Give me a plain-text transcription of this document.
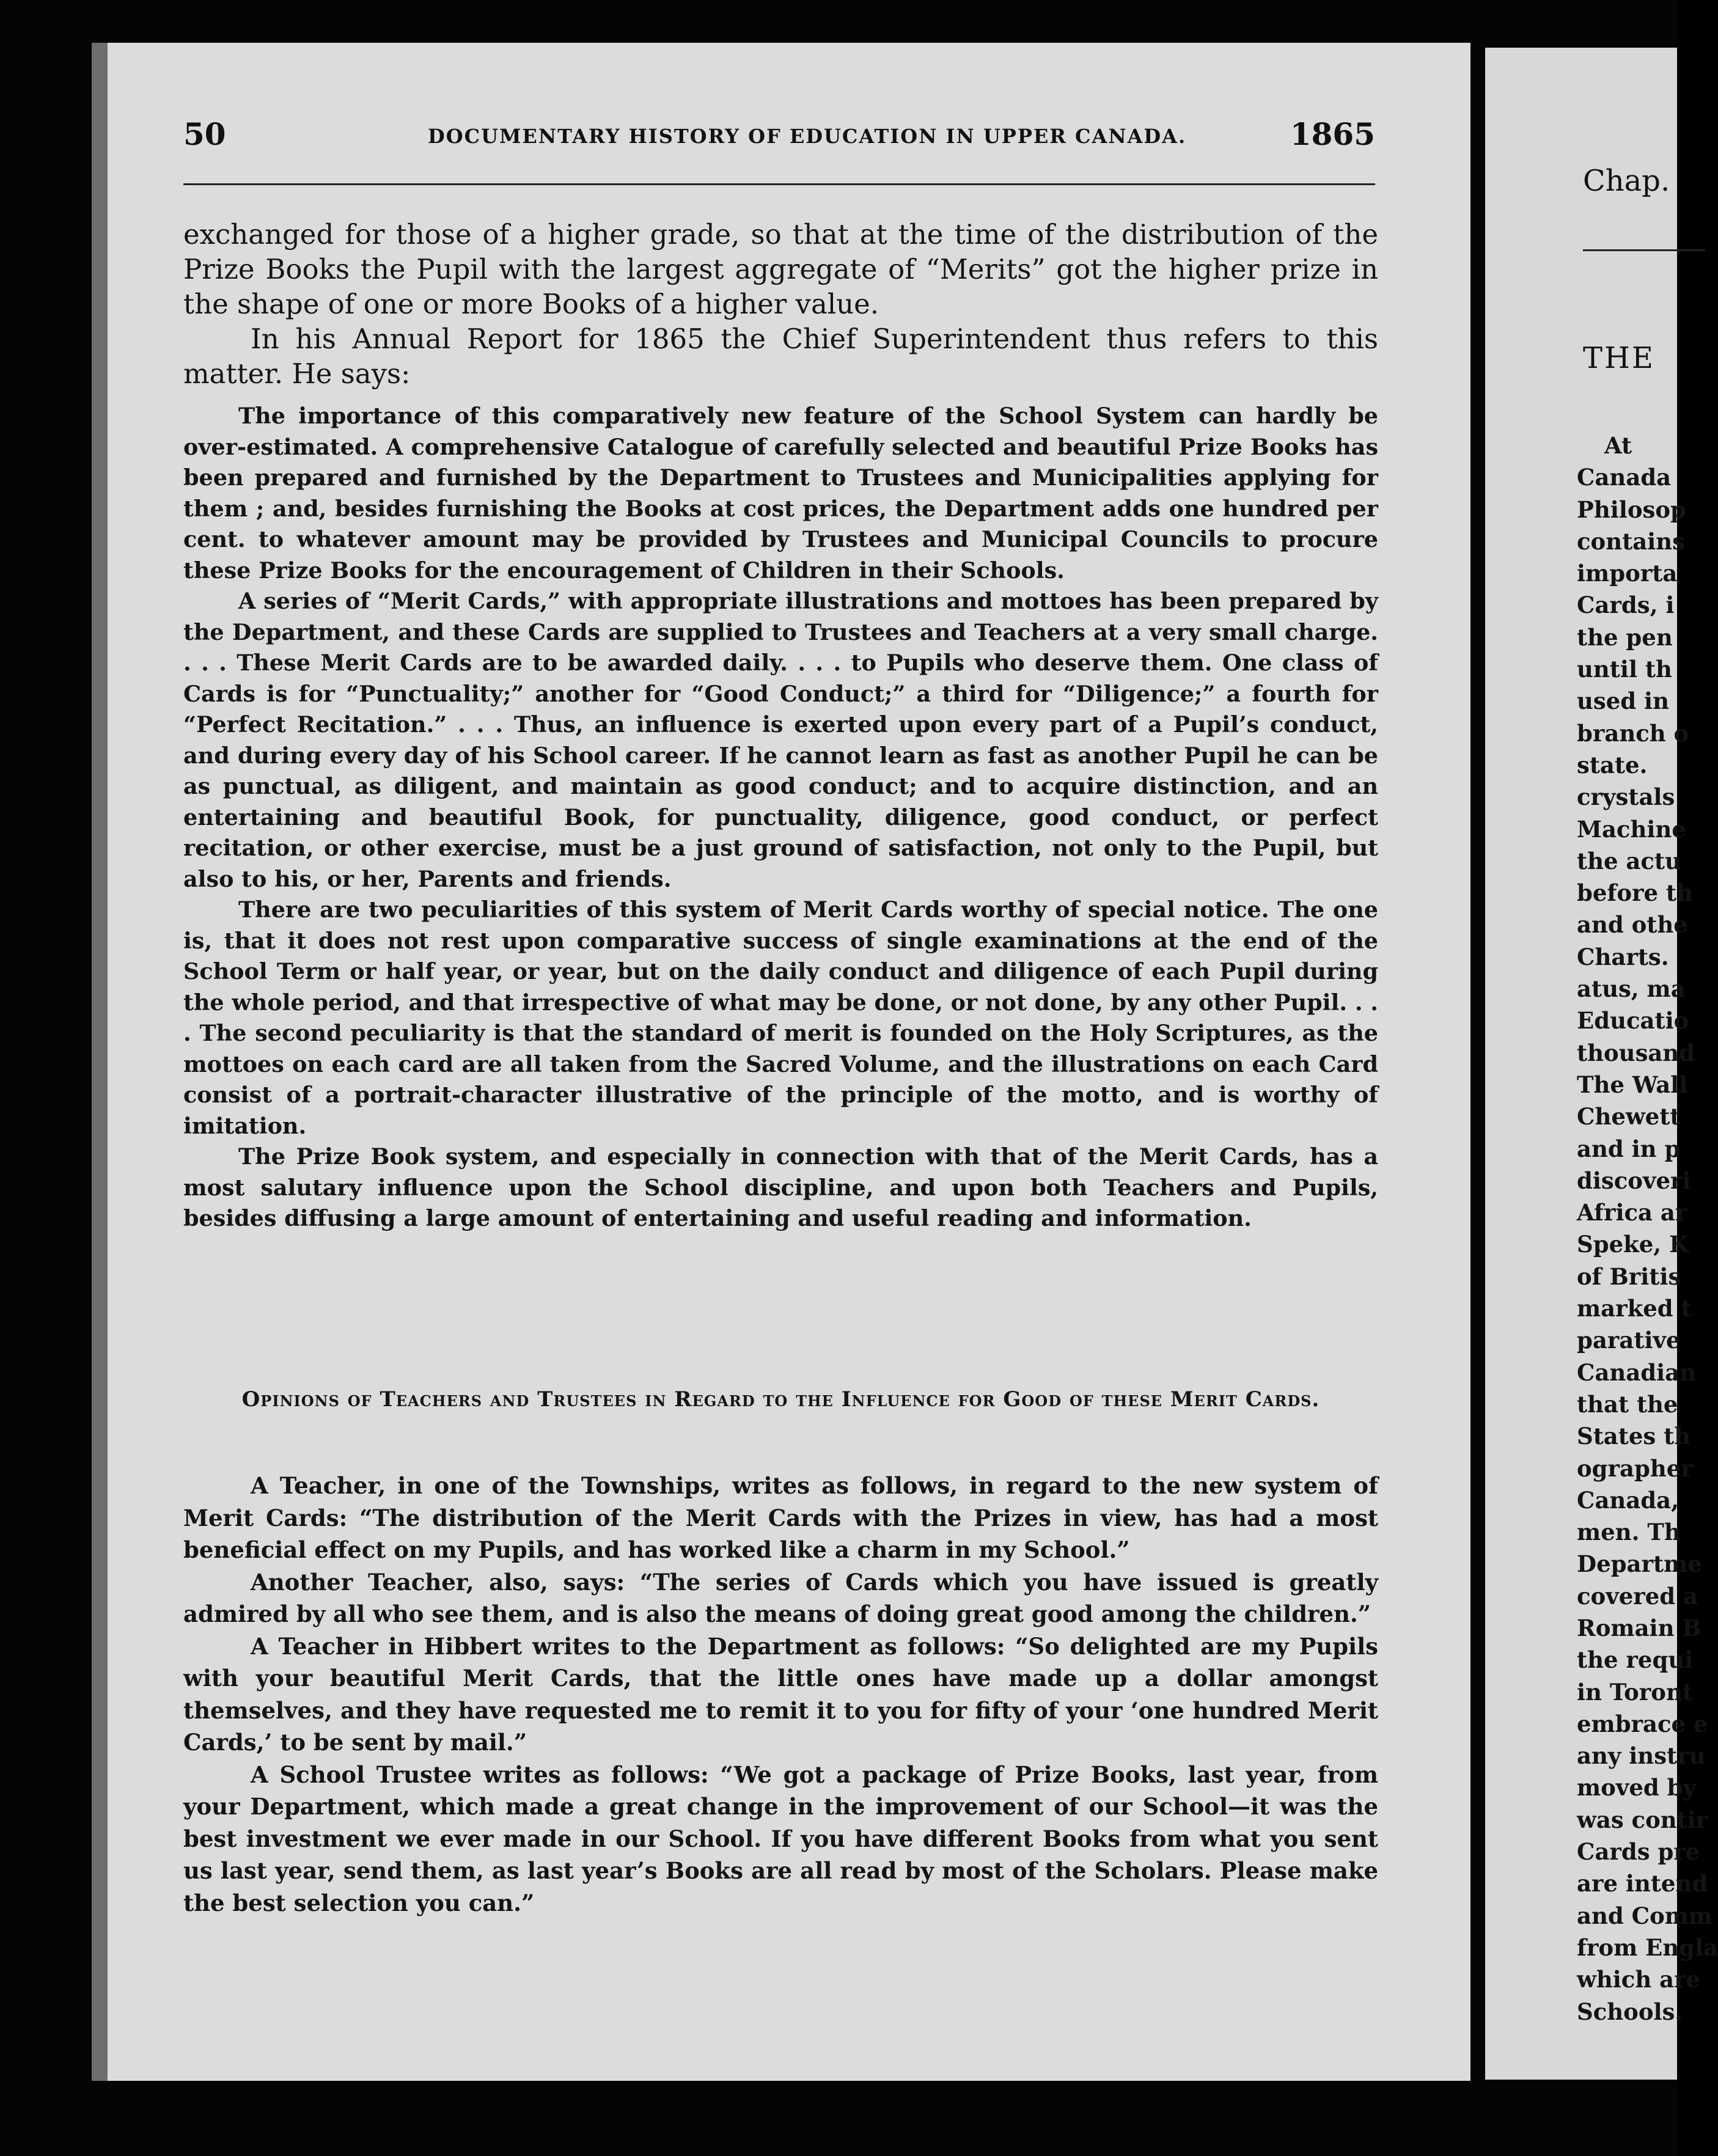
50	DOCUMENTARY HISTORY OF EDUCATION IN UPPER CANADA.	1865

exchanged for those of a higher grade, so that at the time of the distribution of the Prize Books the Pupil with the largest aggregate of “Merits” got the higher prize in the shape of one or more Books of a higher value.

In his Annual Report for 1865 the Chief Superintendent thus refers to this matter. He says:

The importance of this comparatively new feature of the School System can hardly be over-estimated. A comprehensive Catalogue of carefully selected and beautiful Prize Books has been prepared and furnished by the Department to Trustees and Municipalities applying for them ; and, besides furnishing the Books at cost prices, the Department adds one hundred per cent. to whatever amount may be provided by Trustees and Municipal Councils to procure these Prize Books for the encouragement of Children in their Schools.

A series of “Merit Cards,” with appropriate illustrations and mottoes has been prepared by the Department, and these Cards are supplied to Trustees and Teachers at a very small charge. . . . These Merit Cards are to be awarded daily. . . . to Pupils who deserve them. One class of Cards is for “Punctuality;” another for “Good Conduct;” a third for “Diligence;” a fourth for “Perfect Recitation.” . . . Thus, an influence is exerted upon every part of a Pupil’s conduct, and during every day of his School career. If he cannot learn as fast as another Pupil he can be as punctual, as diligent, and maintain as good conduct; and to acquire distinction, and an entertaining and beautiful Book, for punctuality, diligence, good conduct, or perfect recitation, or other exercise, must be a just ground of satisfaction, not only to the Pupil, but also to his, or her, Parents and friends.

There are two peculiarities of this system of Merit Cards worthy of special notice. The one is, that it does not rest upon comparative success of single examinations at the end of the School Term or half year, or year, but on the daily conduct and diligence of each Pupil during the whole period, and that irrespective of what may be done, or not done, by any other Pupil. . . . The second peculiarity is that the standard of merit is founded on the Holy Scriptures, as the mottoes on each card are all taken from the Sacred Volume, and the illustrations on each Card consist of a portrait-character illustrative of the principle of the motto, and is worthy of imitation.

The Prize Book system, and especially in connection with that of the Merit Cards, has a most salutary influence upon the School discipline, and upon both Teachers and Pupils, besides diffusing a large amount of entertaining and useful reading and information.

Opinions of Teachers and Trustees in Regard to the Influence for Good of these Merit Cards.

A Teacher, in one of the Townships, writes as follows, in regard to the new system of Merit Cards: “The distribution of the Merit Cards with the Prizes in view, has had a most beneficial effect on my Pupils, and has worked like a charm in my School.”

Another Teacher, also, says: “The series of Cards which you have issued is greatly admired by all who see them, and is also the means of doing great good among the children.”

A Teacher in Hibbert writes to the Department as follows: “So delighted are my Pupils with your beautiful Merit Cards, that the little ones have made up a dollar amongst themselves, and they have requested me to remit it to you for fifty of your ‘one hundred Merit Cards,’ to be sent by mail.”

A School Trustee writes as follows: “We got a package of Prize Books, last year, from your Department, which made a great change in the improvement of our School—it was the best investment we ever made in our School. If you have different Books from what you sent us last year, send them, as last year’s Books are all read by most of the Scholars. Please make the best selection you can.”

Chap.
THE
At
Canada
Philosop
contains
importa
Cards, i
the pen
until th
used in
branch o
state.
crystals
Machine
the actu
before th
and othe
Charts.
atus, ma
Educatio
thousand
The Wall
Chewett
and in p
discoveri
Africa ar
Speke, K
of Britis
marked t
parative
Canadian
that the
States th
ographer
Canada,
men. Th
Departme
covered a
Romain B
the requi
in Toront
embrace e
any instru
moved by
was contir
Cards pre
are intend
and Comm
from Engla
which are
Schools.
